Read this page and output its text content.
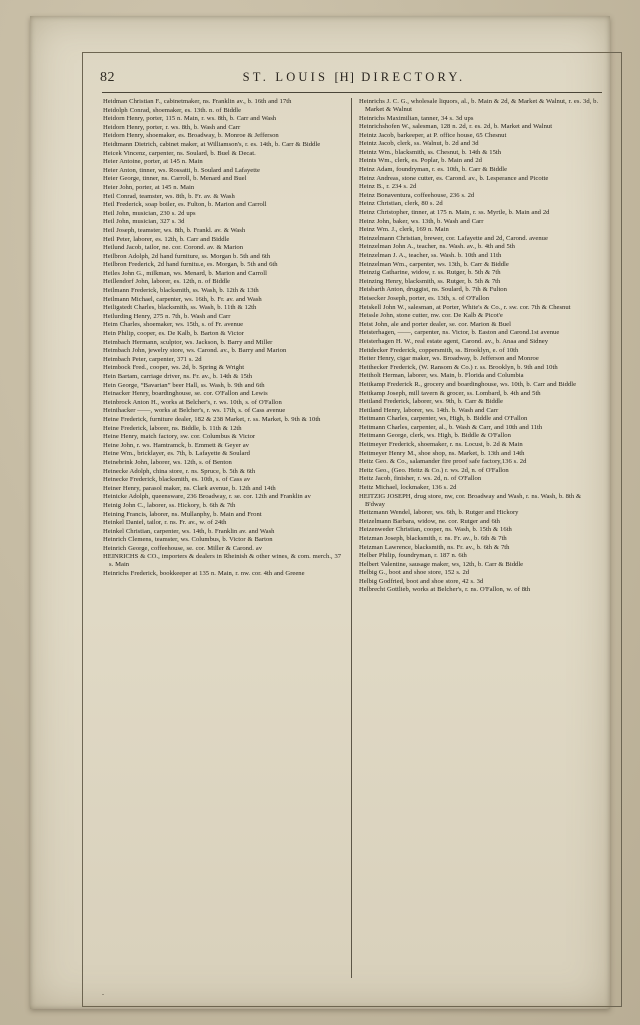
82	ST. LOUIS [H] DIRECTORY.

Heidman Christian F., cabinetmaker, ns. Franklin av., b. 16th and 17th

Heidolph Conrad, shoemaker, es. 13th. n. of Biddle

Heidorn Henry, porter, 115 n. Main, r. ws. 8th, b. Carr and Wash

Heidorn Henry, porter, r. ws. 8th, b. Wash and Carr

Heidorn Henry, shoemaker, es. Broadway, b. Monroe & Jefferson

Heidtmann Dietrich, cabinet maker, at Williamson's, r. es. 14th, b. Carr & Biddle

Heicek Vincenz, carpenter, ns. Soulard, b. Buel & Decat.

Heier Antoine, porter, at 145 n. Main

Heier Anton, tinner, ws. Rossatti, b. Soulard and Lafayette

Heier George, tinner, ns. Carroll, b. Menard and Buel

Heier John, porter, at 145 n. Main

Heil Conrad, teamster, ws. 8th, b. Fr. av. & Wash

Heil Frederick, soap boiler, es. Fulton, b. Marion and Carroll

Heil John, musician, 230 s. 2d ups

Heil John, musician, 327 s. 3d

Heil Joseph, teamster, ws. 8th, b. Frankl. av. & Wash

Heil Peter, laborer, es. 12th, b. Carr and Biddle

Heilund Jacob, tailor, ne. cor. Corond. av. & Marion

Heilbron Adolph, 2d hand furniture, ss. Morgan b. 5th and 6th

Heilbron Frederick, 2d hand furnitu.e, es. Morgan, b. 5th and 6th

Heiles John G., milkman, ws. Menard, b. Marion and Carroll

Heillendorf John, laborer, es. 12th, n. of Biddle

Heilmann Frederick, blacksmith, ss. Wash, b. 12th & 13th

Heilmann Michael, carpenter, ws. 16th, b. Fr. av. and Wash

Heiligstedt Charles, blacksmith, ss. Wash, b. 11th & 12th

Heilurding Henry, 275 n. 7th, b. Wash and Carr

Heim Charles, shoemaker, ws. 15th, s. of Fr. avenue

Hein Philip, cooper, es. De Kalb, b. Barton & Victor

Heimbach Hermann, sculptor, ws. Jackson, b. Barry and Miller

Heimbach John, jewelry store, ws. Carond. av., b. Barry and Marion

Heimbach Peter, carpenter, 371 s. 2d

Heimbock Fred., cooper, ws. 2d, b. Spring & Wright

Hein Bartam, carriage driver, ns. Fr. av., b. 14th & 15th

Hein George, “Bavarian” beer Hall, ss. Wash, b. 9th and 6th

Heinacker Henry, boardinghouse, se. cor. O'Fallon and Lewis

Heinbrock Anton H., works at Belcher's, r. ws. 10th, s. of O'Fallon

Heinihacker ——, works at Belcher's, r. ws. 17th, s. of Cass avenue

Heine Frederick, furniture dealer, 182 & 238 Market, r. ss. Market, b. 9th & 10th

Heine Frederick, laborer, ns. Biddle, b. 11th & 12th

Heine Henry, match factory, sw. cor. Columbus & Victor

Heine John, r. ws. Hamtramck, b. Emmett & Geyer av

Heine Wm., bricklayer, es. 7th, b. Lafayette & Soulard

Heinebrink John, laborer, ws. 12th, s. of Benton

Heinecke Adolph, china store, r. ns. Spruce, b. 5th & 6th

Heinecke Frederick, blacksmith, es. 10th, s. of Cass av

Heiner Henry, parasol maker, ns. Clark avenue, b. 12th and 14th

Heinicke Adolph, queensware, 236 Broadway, r. se. cor. 12th and Franklin av

Heinig John C., laborer, ss. Hickory, b. 6th & 7th

Heining Francis, laborer, ns. Mullanphy, b. Main and Front

Heinkel Daniel, tailor, r. ns. Fr. av., w. of 24th

Heinkel Christian, carpenter, ws. 14th, b. Franklin av. and Wash

Heinrich Clemens, teamster, ws. Columbus, b. Victor & Barton

Heinrich George, coffeehouse, se. cor. Miller & Carond. av

HEINRICHS & CO., importers & dealers in Rheinish & other wines, & com. merch., 37 s. Main

Heinrichs Frederick, bookkeeper at 135 n. Main, r. nw. cor. 4th and Greene

Heinrichs J. C. G., wholesale liquors, al., b. Main & 2d, & Market & Walnut, r. es. 3d, b. Market & Walnut

Heinrichs Maximilian, tanner, 34 s. 3d ups

Heinrichshofen W., salesman, 128 n. 2d, r. es. 2d, b. Market and Walnut

Heintz Jacob, barkeeper, at P. office house, 65 Chesnut

Heintz Jacob, clerk, ss. Walnut, b. 2d and 3d

Heintz Wm., blacksmith, ss. Chesnut, b. 14th & 15th

Heints Wm., clerk, es. Poplar, b. Main and 2d

Heinz Adam, foundryman, r. es. 10th, b. Carr & Biddle

Heinz Andreas, stone cutter, es. Carond. av., b. Lesperance and Picotte

Heinz B., r. 234 s. 2d

Heinz Bonaventura, coffeehouse, 236 s. 2d

Heinz Christian, clerk, 80 s. 2d

Heinz Christopher, tinner, at 175 n. Main, r. ss. Myrtle, b. Main and 2d

Heinz John, baker, ws. 13th, b. Wash and Carr

Heinz Wm. J., clerk, 169 n. Main

Heinzelmann Christian, brewer, cor. Lafayette and 2d, Carond. avenue

Heinzelman John A., teacher, ns. Wash. av., b. 4th and 5th

Heinzelman J. A., teacher, ss. Wash. b. 10th and 11th

Heinzelman Wm., carpenter, ws. 13th, b. Carr & Biddle

Heinzig Catharine, widow, r. ss. Rutger, b. 5th & 7th

Heinzing Henry, blacksmith, ss. Rutger, b. 5th & 7th

Heisbarth Anton, druggist, ns. Soulard, b. 7th & Fulton

Heisecker Joseph, porter, es. 13th, s. of O'Fallon

Heiskell John W., salesman, at Porter, White's & Co., r. sw. cor. 7th & Chesnut

Heissle John, stone cutter, nw. cor. De Kalb & Picot'e

Heist John, ale and porter dealer, se. cor. Marion & Buel

Heisterhagen, ——, carpenter, ns. Victor, b. Easton and Carond.1st avenue

Heisterhagen H. W., real estate agent, Carond. av., b. Anaa and Sidney

Heitdecker Frederick, coppersmith, ss. Brooklyn, e. of 10th

Heiter Henry, cigar maker, ws. Broadway, b. Jefferson and Monroe

Heithecker Frederick, (W. Ransom & Co.) r. ss. Brooklyn, b. 9th and 10th

Heitholt Herman, laborer, ws. Main, b. Florida and Columbia

Heitkamp Frederick R., grocery and boardinghouse, ws. 10th, b. Carr and Biddle

Heitkamp Joseph, mill tavern & grocer, ss. Lombard, b. 4th and 5th

Heitland Frederick, laborer, ws. 9th, b. Carr & Biddle

Heitland Henry, laborer, ws. 14th. b. Wash and Carr

Heitmann Charles, carpenter, ws, High, b. Biddle and O'Fallon

Heitmann Charles, carpenter, al., b. Wash & Carr, and 10th and 11th

Heitmann George, clerk, ws. High, b. Biddle & O'Fallon

Heitmeyer Frederick, shoemaker, r. ns. Locust, b. 2d & Main

Heitmeyer Henry M., shoe shop, ns. Market, b. 13th and 14th

Heitz Geo. & Co., salamander fire proof safe factory,136 s. 2d

Heitz Geo., (Geo. Heitz & Co.) r. ws. 2d, n. of O'Fallon

Heitz Jacob, finisher, r. ws. 2d, n. of O'Fallon

Heitz Michael, lockmaker, 136 s. 2d

HEITZIG JOSEPH, drug store, nw, cor. Broadway and Wash, r. ns. Wash, b. 8th & B'dway

Heitzmann Wendel, laborer, ws. 6th, b. Rutger and Hickory

Heizelmann Barbara, widow, ne. cor. Rutger and 6th

Heizenweder Christian, cooper, ns. Wash, b. 15th & 16th

Heizman Joseph, blacksmith, r. ns. Fr. av., b. 6th & 7th

Heizman Lawrence, blacksmith, ns. Fr. av., b. 6th & 7th

Helber Philip, foundryman, r. 187 n. 6th

Helbert Valentine, sausage maker, ws, 12th, b. Carr & Biddle

Helbig G., boot and shoe store, 152 s. 2d

Helbig Godfried, boot and shoe store, 42 s. 3d

Helbrecht Gottlieb, works at Belcher's, r. ns. O'Fallon, w. of 8th

.
